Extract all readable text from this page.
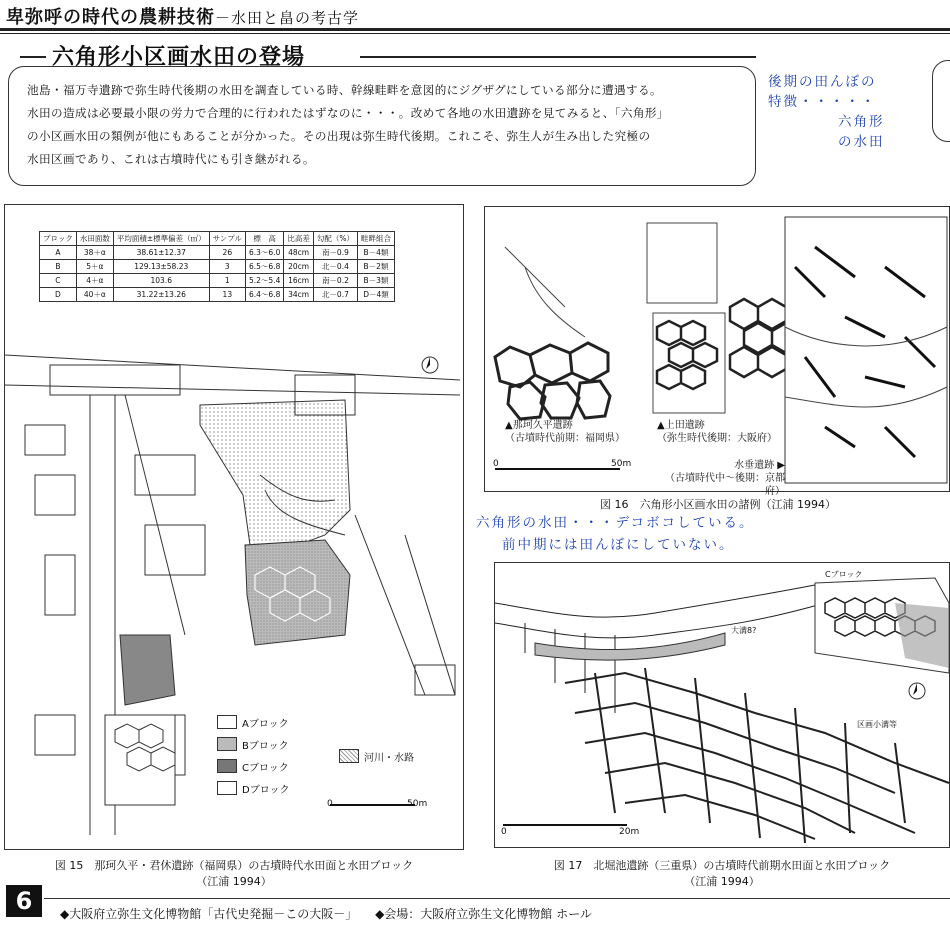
卑弥呼の時代の農耕技術－水田と畠の考古学
六角形小区画水田の登場
池島・福万寺遺跡で弥生時代後期の水田を調査している時、幹線畦畔を意図的にジグザグにしている部分に遭遇する。
水田の造成は必要最小限の労力で合理的に行われたはずなのに・・・。改めて各地の水田遺跡を見てみると、「六角形」
の小区画水田の類例が他にもあることが分かった。その出現は弥生時代後期。これこそ、弥生人が生み出した究極の
水田区画であり、これは古墳時代にも引き継がれる。
後期の田んぼの
特徴・・・・・
六角形
の水田
ブロック	水田面数	平均面積±標準偏差（㎡）	サンプル	標　高	比高差	勾配（%）	畦畔組合
A	38＋α	38.61±12.37	26	6.3～6.0	48cm	南－0.9	B－4類
B	5＋α	129.13±58.23	3	6.5～6.8	20cm	北－0.4	B－2類
C	4＋α	103.6	1	5.2～5.4	16cm	南－0.2	B－3類
D	40＋α	31.22±13.26	13	6.4～6.8	34cm	北－0.7	D－4類
Aブロック
Bブロック
Cブロック
Dブロック
河川・水路
0	50m
図 15　那珂久平・君休遺跡（福岡県）の古墳時代水田面と水田ブロック
（江浦 1994）
▲那珂久平遺跡
（古墳時代前期：福岡県）
▲上田遺跡
（弥生時代後期：大阪府）
水垂遺跡 ▶
（古墳時代中～後期：京都府）
0	50m
図 16　六角形小区画水田の諸例（江浦 1994）
六角形の水田・・・デコボコしている。
前中期には田んぼにしていない。
Cブロック
大溝8?
区画小溝等
0	20m
図 17　北堀池遺跡（三重県）の古墳時代前期水田面と水田ブロック
（江浦 1994）
6	◆大阪府立弥生文化博物館「古代史発掘－この大阪－」 ◆会場：大阪府立弥生文化博物館 ホール
